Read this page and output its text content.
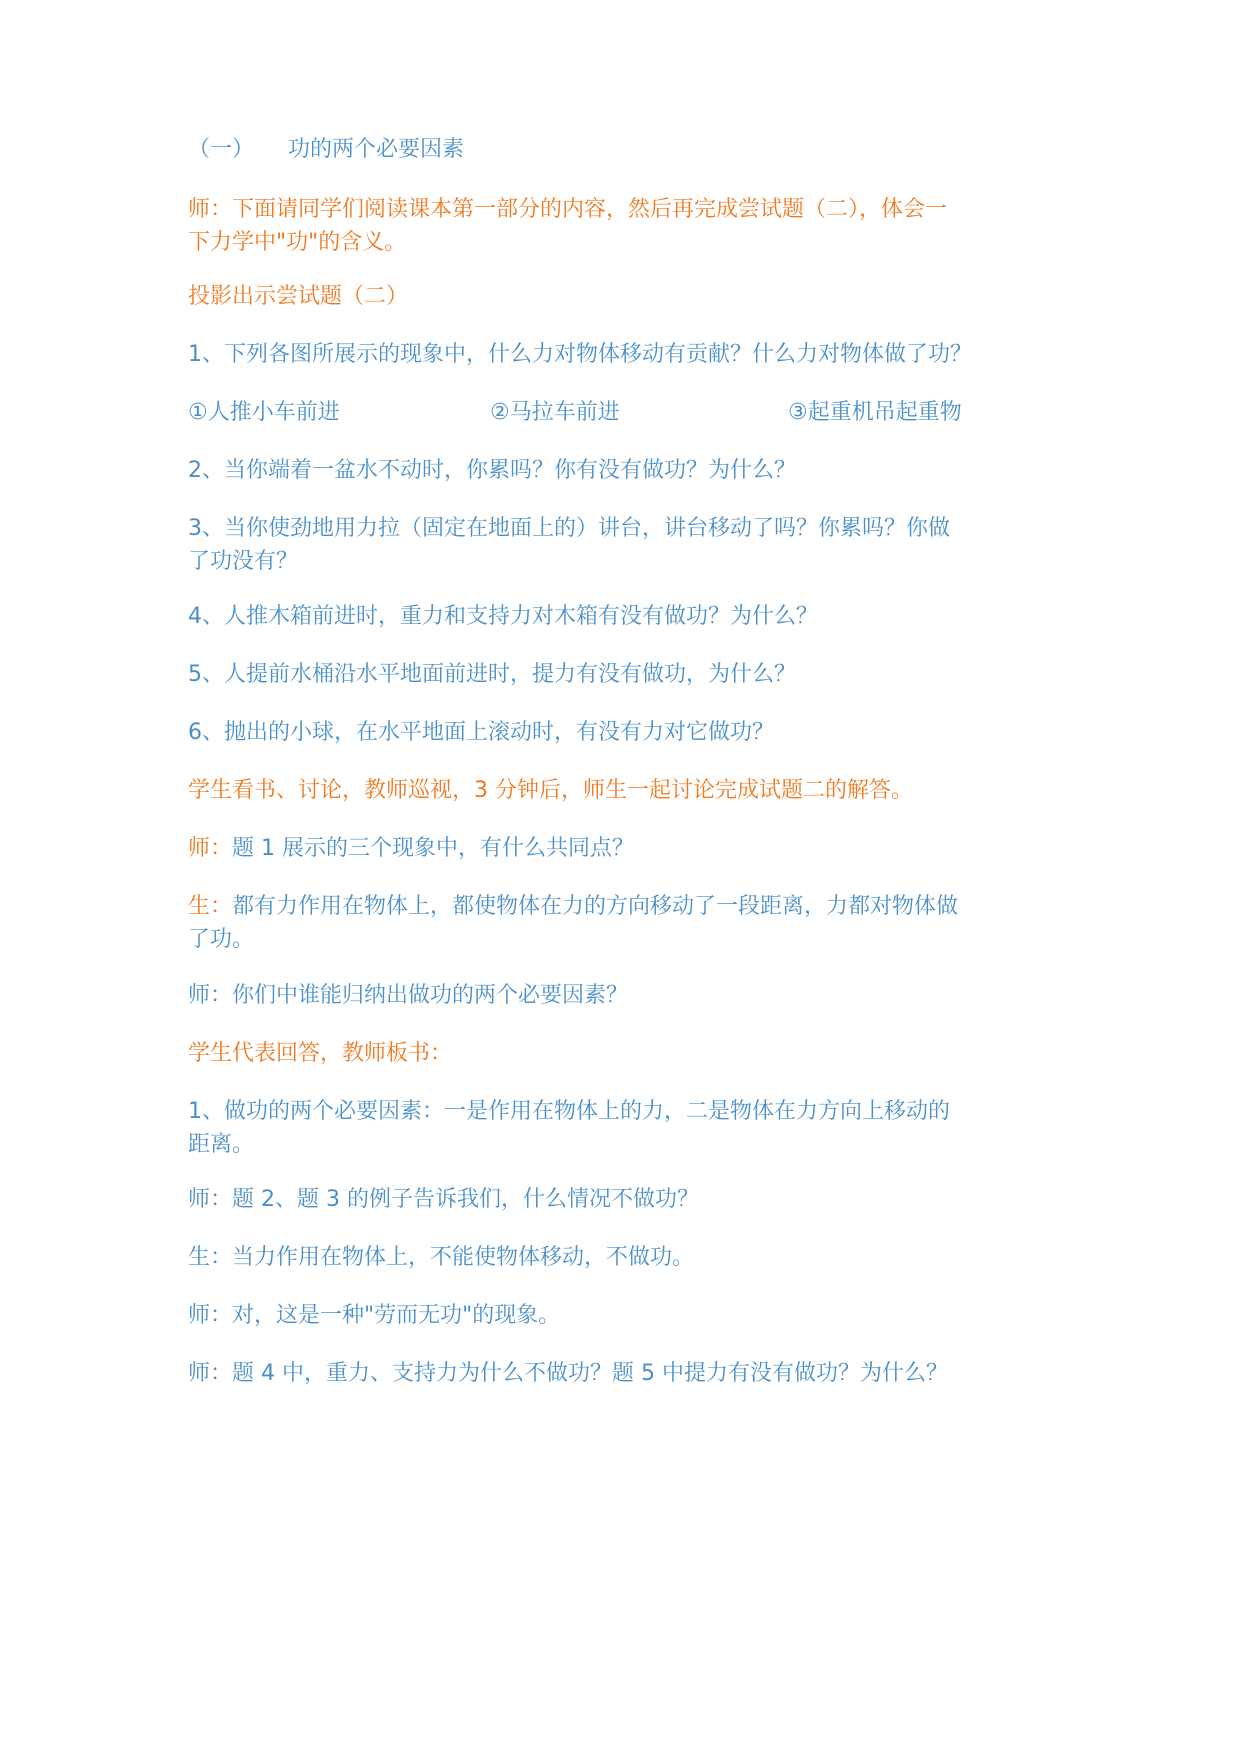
（一） 功的两个必要因素
师：下面请同学们阅读课本第一部分的内容，然后再完成尝试题（二），体会一
下力学中"功"的含义。
投影出示尝试题（二）
1、下列各图所展示的现象中，什么力对物体移动有贡献？什么力对物体做了功？
①人推小车前进	②马拉车前进	③起重机吊起重物
2、当你端着一盆水不动时，你累吗？你有没有做功？为什么？
3、当你使劲地用力拉（固定在地面上的）讲台，讲台移动了吗？你累吗？你做
了功没有？
4、人推木箱前进时，重力和支持力对木箱有没有做功？为什么？
5、人提前水桶沿水平地面前进时，提力有没有做功，为什么？
6、抛出的小球，在水平地面上滚动时，有没有力对它做功？
学生看书、讨论，教师巡视，3 分钟后，师生一起讨论完成试题二的解答。
师：题 1 展示的三个现象中，有什么共同点？
生：都有力作用在物体上，都使物体在力的方向移动了一段距离，力都对物体做
了功。
师：你们中谁能归纳出做功的两个必要因素？
学生代表回答，教师板书：
1、做功的两个必要因素：一是作用在物体上的力，二是物体在力方向上移动的
距离。
师：题 2、题 3 的例子告诉我们，什么情况不做功？
生：当力作用在物体上，不能使物体移动，不做功。
师：对，这是一种"劳而无功"的现象。
师：题 4 中，重力、支持力为什么不做功？题 5 中提力有没有做功？为什么？
